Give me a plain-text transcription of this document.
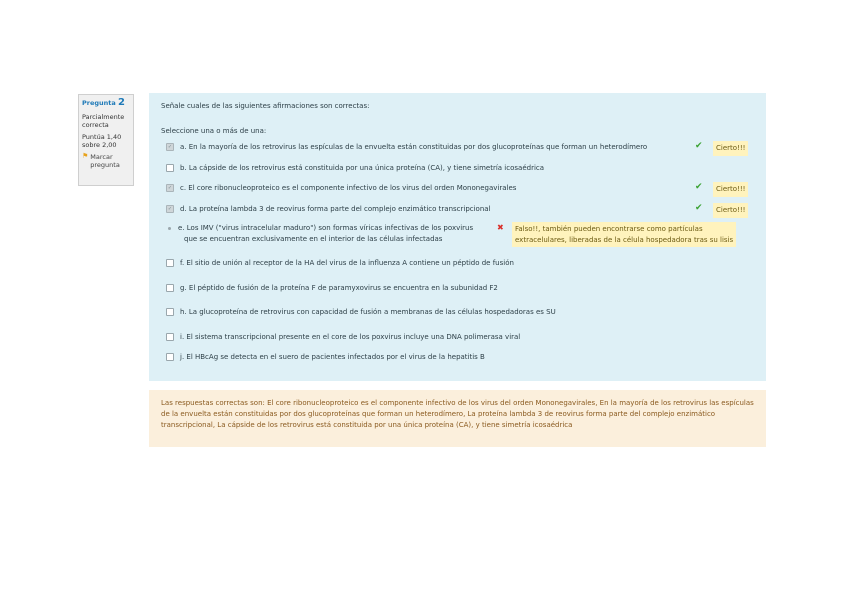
Pregunta 2
Parcialmente correcta
Puntúa 1,40 sobre 2,00
⚑ Marcar pregunta
Señale cuales de las siguientes afirmaciones son correctas:
Seleccione una o más de una:
✓ a. En la mayoría de los retrovirus las espículas de la envuelta están constituidas por dos glucoproteínas que forman un heterodímero	✔	Cierto!!!
b. La cápside de los retrovirus está constituida por una única proteína (CA), y tiene simetría icosaédrica
✓ c. El core ribonucleoproteico es el componente infectivo de los virus del orden Mononegavirales	✔	Cierto!!!
✓ d. La proteína lambda 3 de reovirus forma parte del complejo enzimático transcripcional	✔	Cierto!!!
e. Los IMV ("virus intracelular maduro") son formas víricas infectivas de los poxvirus
que se encuentran exclusivamente en el interior de las células infectadas
✖ Falso!!, también pueden encontrarse como partículas
extracelulares, liberadas de la célula hospedadora tras su lisis
f. El sitio de unión al receptor de la HA del virus de la influenza A contiene un péptido de fusión
g. El péptido de fusión de la proteína F de paramyxovirus se encuentra en la subunidad F2
h. La glucoproteína de retrovirus con capacidad de fusión a membranas de las células hospedadoras es SU
i. El sistema transcripcional presente en el core de los poxvirus incluye una DNA polimerasa viral
j. El HBcAg se detecta en el suero de pacientes infectados por el virus de la hepatitis B
Las respuestas correctas son: El core ribonucleoproteico es el componente infectivo de los virus del orden Mononegavirales, En la mayoría de los retrovirus las espículas de la envuelta están constituidas por dos glucoproteínas que forman un heterodímero, La proteína lambda 3 de reovirus forma parte del complejo enzimático transcripcional, La cápside de los retrovirus está constituida por una única proteína (CA), y tiene simetría icosaédrica
